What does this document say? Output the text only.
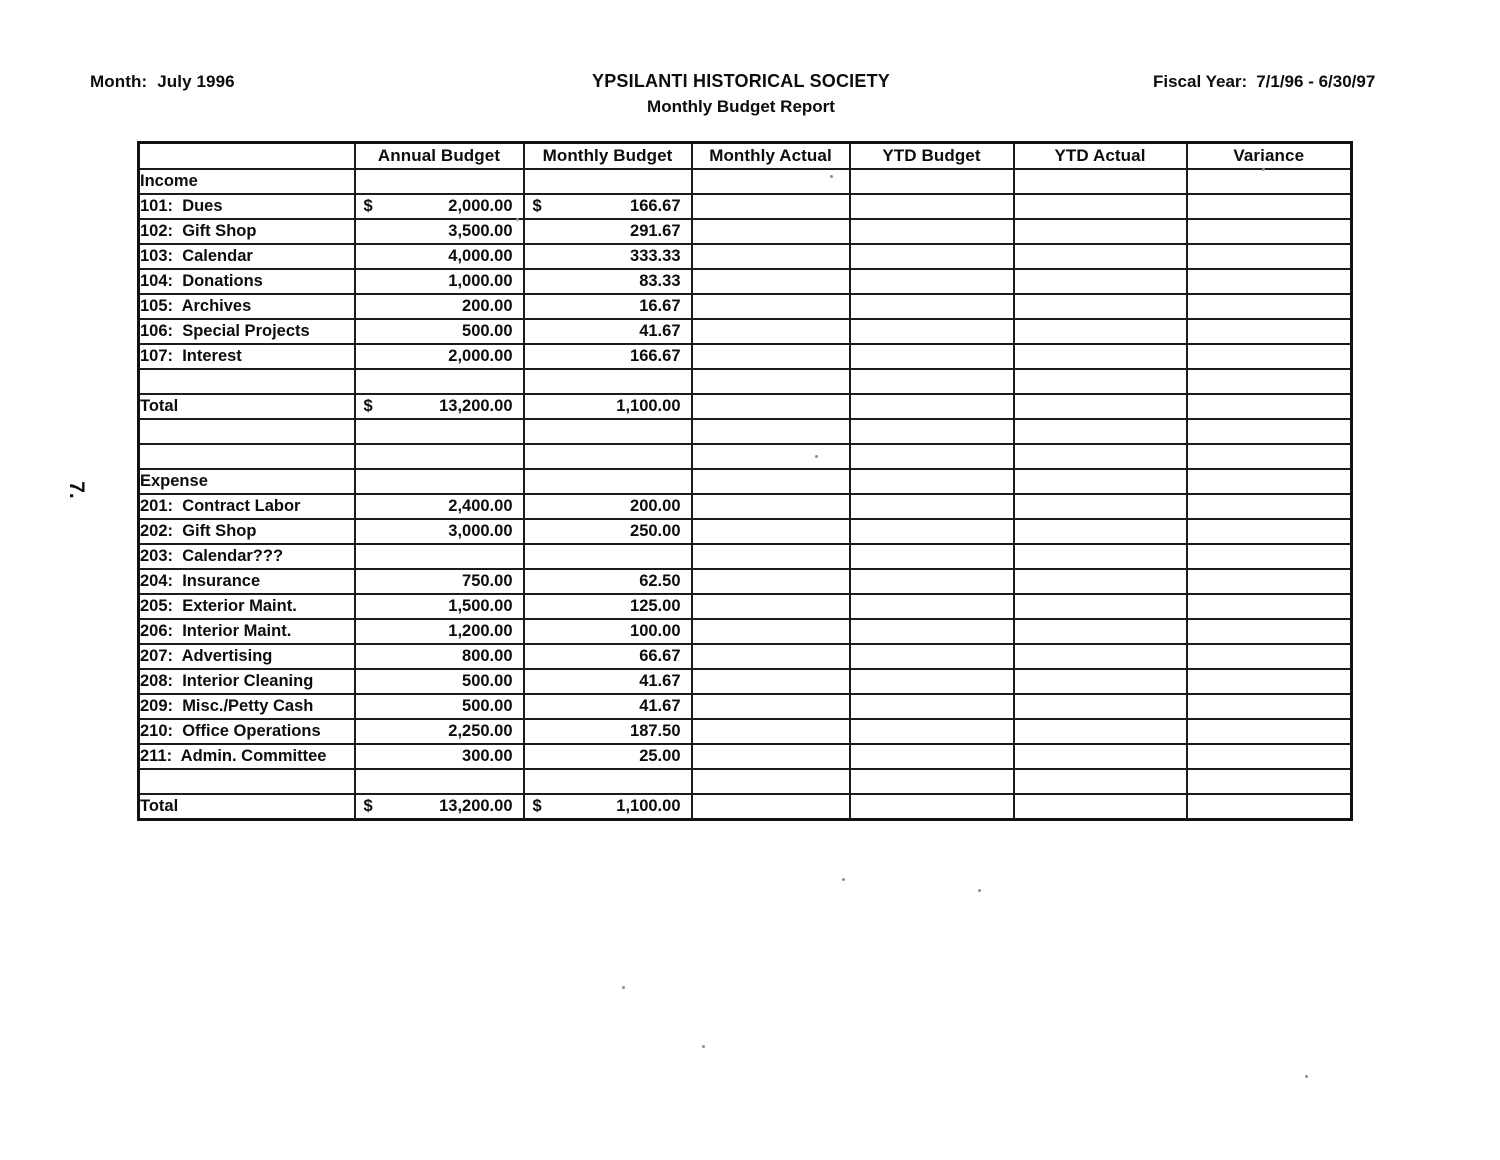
Month: July 1996	YPSILANTI HISTORICAL SOCIETY
Monthly Budget Report
Fiscal Year: 7/1/96 - 6/30/97
7.
	Annual Budget	Monthly Budget	Monthly Actual	YTD Budget	YTD Actual	Variance
Income	

101:  Dues	$ 2,000.00	$ 166.67				

102:  Gift Shop	3,500.00	291.67				

103:  Calendar	4,000.00	333.33				

104:  Donations	1,000.00	83.33				

105:  Archives	200.00	16.67				

106:  Special Projects	500.00	41.67				

107:  Interest	2,000.00	166.67				

Total	$ 13,200.00	1,100.00				

Expense	

201:  Contract Labor	2,400.00	200.00				

202:  Gift Shop	3,000.00	250.00				

203:  Calendar???	

204:  Insurance	750.00	62.50				

205:  Exterior Maint.	1,500.00	125.00				

206:  Interior Maint.	1,200.00	100.00				

207:  Advertising	800.00	66.67				

208:  Interior Cleaning	500.00	41.67				

209:  Misc./Petty Cash	500.00	41.67				

210:  Office Operations	2,250.00	187.50				

211:  Admin. Committee	300.00	25.00				

Total	$ 13,200.00	$ 1,100.00				
